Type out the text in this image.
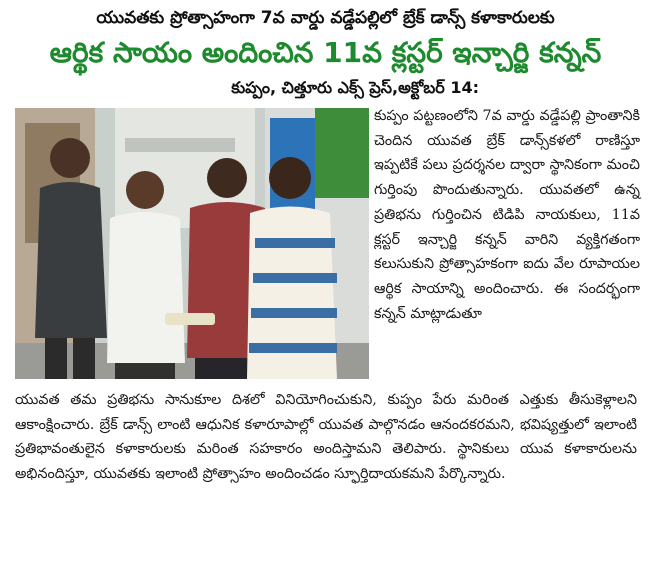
యువతకు ప్రోత్సాహంగా 7వ వార్డు వడ్డేపల్లిలో బ్రేక్ డాన్స్ కళాకారులకు
ఆర్థిక సాయం అందించిన 11వ క్లస్టర్ ఇన్చార్జి కన్నన్
కుప్పం, చిత్తూరు ఎక్స్ ప్రెస్,అక్టోబర్ 14:

కుప్పం పట్టణంలోని 7వ వార్డు వడ్డేపల్లి ప్రాంతానికి చెందిన యువత బ్రేక్ డాన్స్‌కళలో రాణిస్తూ ఇప్పటికే పలు ప్రదర్శనల ద్వారా స్థానికంగా మంచి గుర్తింపు పొందుతున్నారు. యువతలో ఉన్న ప్రతిభను గుర్తించిన టిడిపి నాయకులు, 11వ క్లస్టర్ ఇన్చార్జి కన్నన్ వారిని వ్యక్తిగతంగా కలుసుకుని ప్రోత్సాహకంగా ఐదు వేల రూపాయల ఆర్థిక సాయాన్ని అందించారు. ఈ సందర్భంగా కన్నన్ మాట్లాడుతూ

యువత తమ ప్రతిభను సానుకూల దిశలో వినియోగించుకుని, కుప్పం పేరు మరింత ఎత్తుకు తీసుకెళ్లాలని ఆకాంక్షించారు. బ్రేక్ డాన్స్ లాంటి ఆధునిక కళారూపాల్లో యువత పాల్గొనడం ఆనందకరమని, భవిష్యత్తులో ఇలాంటి ప్రతిభావంతులైన కళాకారులకు మరింత సహకారం అందిస్తామని తెలిపారు. స్థానికులు యువ కళాకారులను అభినందిస్తూ, యువతకు ఇలాంటి ప్రోత్సాహం అందించడం స్ఫూర్తిదాయకమని పేర్కొన్నారు.
